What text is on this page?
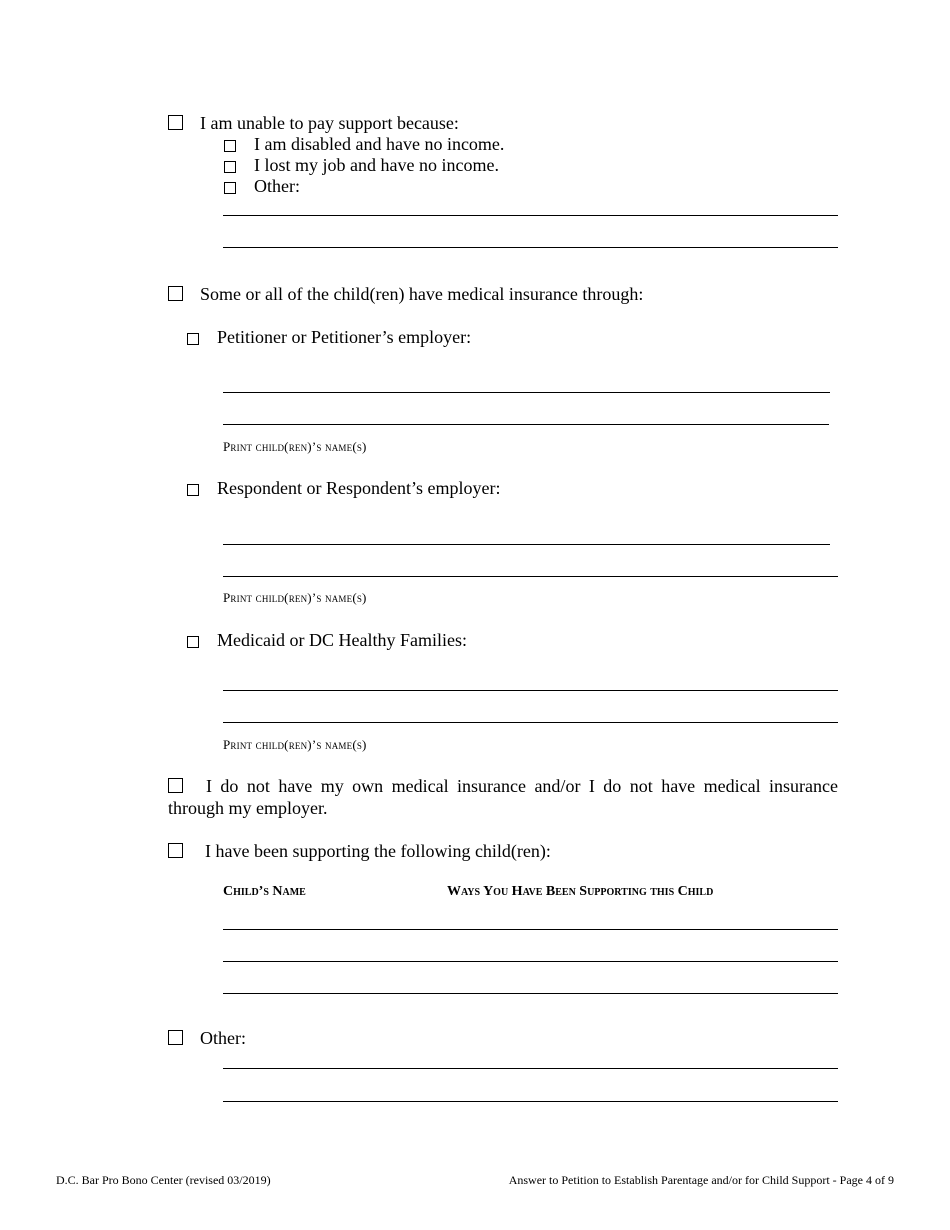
I am unable to pay support because:
I am disabled and have no income.
I lost my job and have no income.
Other:
Some or all of the child(ren) have medical insurance through:
Petitioner or Petitioner’s employer:
Print child(ren)’s name(s)
Respondent or Respondent’s employer:
Print child(ren)’s name(s)
Medicaid or DC Healthy Families:
Print child(ren)’s name(s)
I do not have my own medical insurance and/or I do not have medical insurance through my employer.
I have been supporting the following child(ren):
Child’s Name	Ways You Have Been Supporting this Child
Other:
D.C. Bar Pro Bono Center (revised 03/2019)	Answer to Petition to Establish Parentage and/or for Child Support - Page 4 of 9
